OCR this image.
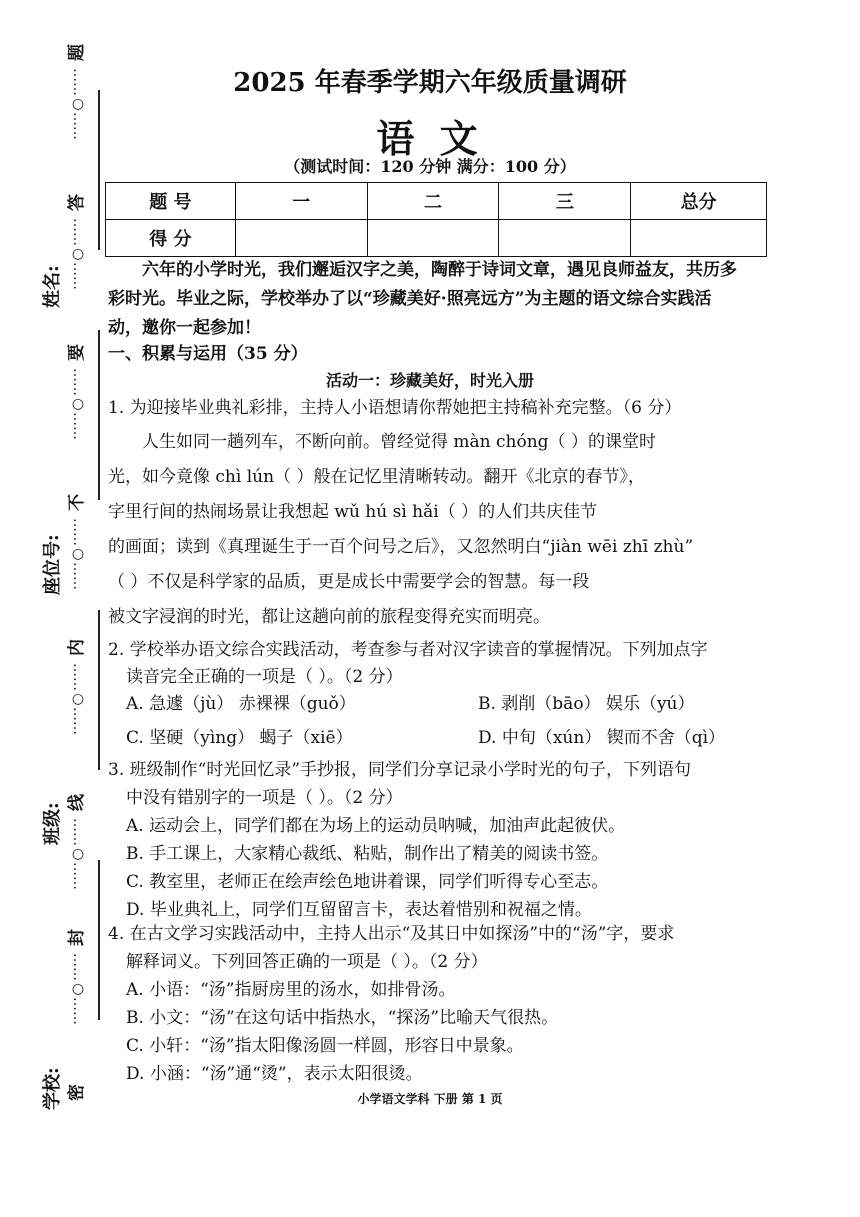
学校:
班级:
座位号:
姓名:
题
……○……
答
……○……
要
……○……
不
……○……
内
……○……
线
……○……
封
……○……
密
2025 年春季学期六年级质量调研
语 文
（测试时间：120 分钟 满分：100 分）
题 号	一	二	三	总分
得 分				
六年的小学时光，我们邂逅汉字之美，陶醉于诗词文章，遇见良师益友，共历多
彩时光。毕业之际，学校举办了以“珍藏美好·照亮远方”为主题的语文综合实践活
动，邀你一起参加！
一、积累与运用（35 分）
活动一：珍藏美好，时光入册
1. 为迎接毕业典礼彩排，主持人小语想请你帮她把主持稿补充完整。（6 分）
人生如同一趟列车，不断向前。曾经觉得 màn chóng（ ）的课堂时
光，如今竟像 chì lún（ ）般在记忆里清晰转动。翻开《北京的春节》，
字里行间的热闹场景让我想起 wǔ hú sì hǎi（ ）的人们共庆佳节
的画面；读到《真理诞生于一百个问号之后》，又忽然明白“jiàn wēi zhī zhù”
（ ）不仅是科学家的品质，更是成长中需要学会的智慧。每一段
被文字浸润的时光，都让这趟向前的旅程变得充实而明亮。
2. 学校举办语文综合实践活动，考查参与者对汉字读音的掌握情况。下列加点字
读音完全正确的一项是（ ）。（2 分）
A. 急遽（jù） 赤裸裸（guǒ）	B. 剥削（bāo） 娱乐（yú）
C. 坚硬（yìng） 蝎子（xiē）	D. 中旬（xún） 锲而不舍（qì）
3. 班级制作“时光回忆录”手抄报，同学们分享记录小学时光的句子，下列语句
中没有错别字的一项是（ ）。（2 分）
A. 运动会上，同学们都在为场上的运动员呐喊，加油声此起彼伏。
B. 手工课上，大家精心裁纸、粘贴，制作出了精美的阅读书签。
C. 教室里，老师正在绘声绘色地讲着课，同学们听得专心至志。
D. 毕业典礼上，同学们互留留言卡，表达着惜别和祝福之情。
4. 在古文学习实践活动中，主持人出示“及其日中如探汤”中的“汤”字，要求
解释词义。下列回答正确的一项是（ ）。（2 分）
A. 小语：“汤”指厨房里的汤水，如排骨汤。
B. 小文：“汤”在这句话中指热水，“探汤”比喻天气很热。
C. 小轩：“汤”指太阳像汤圆一样圆，形容日中景象。
D. 小涵：“汤”通“烫”，表示太阳很烫。
小学语文学科 下册 第 1 页
